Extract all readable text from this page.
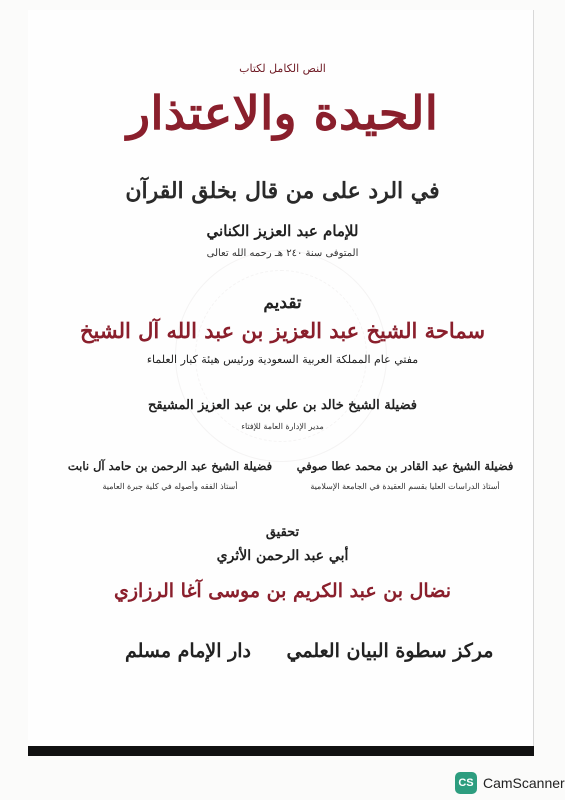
النص الكامل لكتاب
الحيدة والاعتذار
في الرد على من قال بخلق القرآن
للإمام عبد العزيز الكناني
المتوفى سنة ٢٤٠ هـ رحمه الله تعالى
تقديم
سماحة الشيخ عبد العزيز بن عبد الله آل الشيخ
مفتي عام المملكة العربية السعودية ورئيس هيئة كبار العلماء
فضيلة الشيخ خالد بن علي بن عبد العزيز المشيقح
مدير الإدارة العامة للإفتاء
فضيلة الشيخ عبد القادر بن محمد عطا صوفي
أستاذ الدراسات العليا بقسم العقيدة في الجامعة الإسلامية
فضيلة الشيخ عبد الرحمن بن حامد آل نابت
أستاذ الفقه وأصوله في كلية جبرة العامية
تحقيق
أبي عبد الرحمن الأثري
نضال بن عبد الكريم بن موسى آغا الرزازي
مركز سطوة البيان العلمي
دار الإمام مسلم
CS CamScanner
